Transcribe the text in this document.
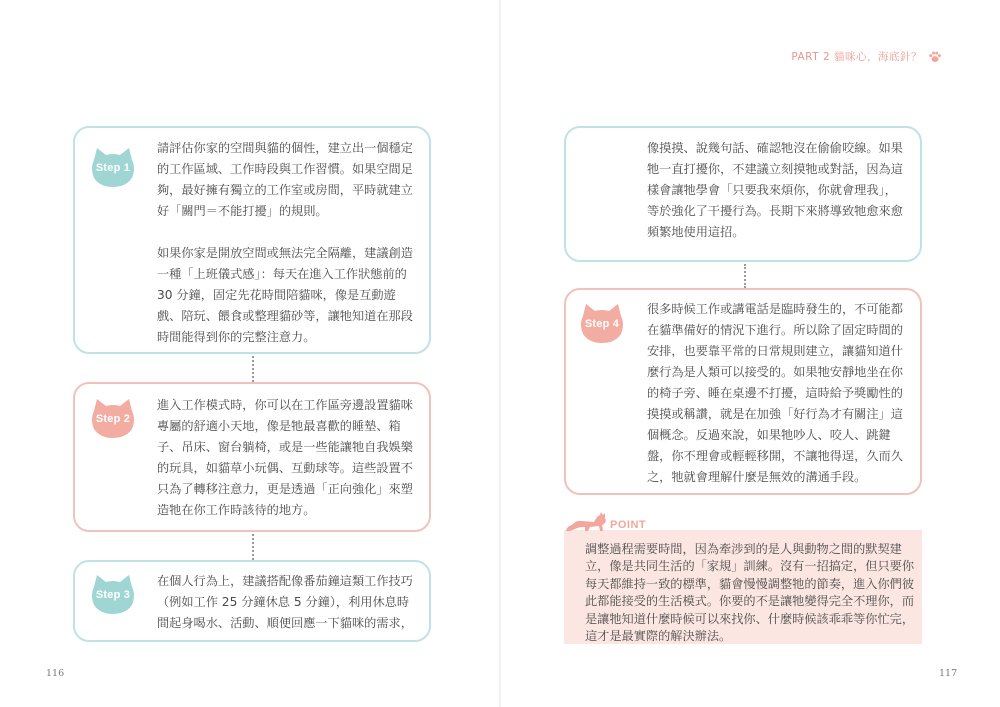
PART 2 貓咪心，海底針？
Step 1

請評估你家的空間與貓的個性，建立出一個穩定的工作區域、工作時段與工作習慣。如果空間足夠，最好擁有獨立的工作室或房間，平時就建立好「關門＝不能打擾」的規則。

如果你家是開放空間或無法完全隔離，建議創造一種「上班儀式感」：每天在進入工作狀態前的 30 分鐘，固定先花時間陪貓咪，像是互動遊戲、陪玩、餵食或整理貓砂等，讓牠知道在那段時間能得到你的完整注意力。

Step 2

進入工作模式時，你可以在工作區旁邊設置貓咪專屬的舒適小天地，像是牠最喜歡的睡墊、箱子、吊床、窗台躺椅，或是一些能讓牠自我娛樂的玩具，如貓草小玩偶、互動球等。這些設置不只為了轉移注意力，更是透過「正向強化」來塑造牠在你工作時該待的地方。

Step 3

在個人行為上，建議搭配像番茄鐘這類工作技巧（例如工作 25 分鐘休息 5 分鐘），利用休息時間起身喝水、活動、順便回應一下貓咪的需求，

116

像摸摸、說幾句話、確認牠沒在偷偷咬線。如果牠一直打擾你，不建議立刻摸牠或對話，因為這樣會讓牠學會「只要我來煩你，你就會理我」，等於強化了干擾行為。長期下來將導致牠愈來愈頻繁地使用這招。

Step 4

很多時候工作或講電話是臨時發生的，不可能都在貓準備好的情況下進行。所以除了固定時間的安排，也要靠平常的日常規則建立，讓貓知道什麼行為是人類可以接受的。如果牠安靜地坐在你的椅子旁、睡在桌邊不打擾，這時給予獎勵性的摸摸或稱讚，就是在加強「好行為才有關注」這個概念。反過來說，如果牠吵人、咬人、跳鍵盤，你不理會或輕輕移開，不讓牠得逞，久而久之，牠就會理解什麼是無效的溝通手段。

POINT
調整過程需要時間，因為牽涉到的是人與動物之間的默契建立，像是共同生活的「家規」訓練。沒有一招搞定，但只要你每天都維持一致的標準，貓會慢慢調整牠的節奏，進入你們彼此都能接受的生活模式。你要的不是讓牠變得完全不理你，而是讓牠知道什麼時候可以來找你、什麼時候該乖乖等你忙完，這才是最實際的解決辦法。
117
